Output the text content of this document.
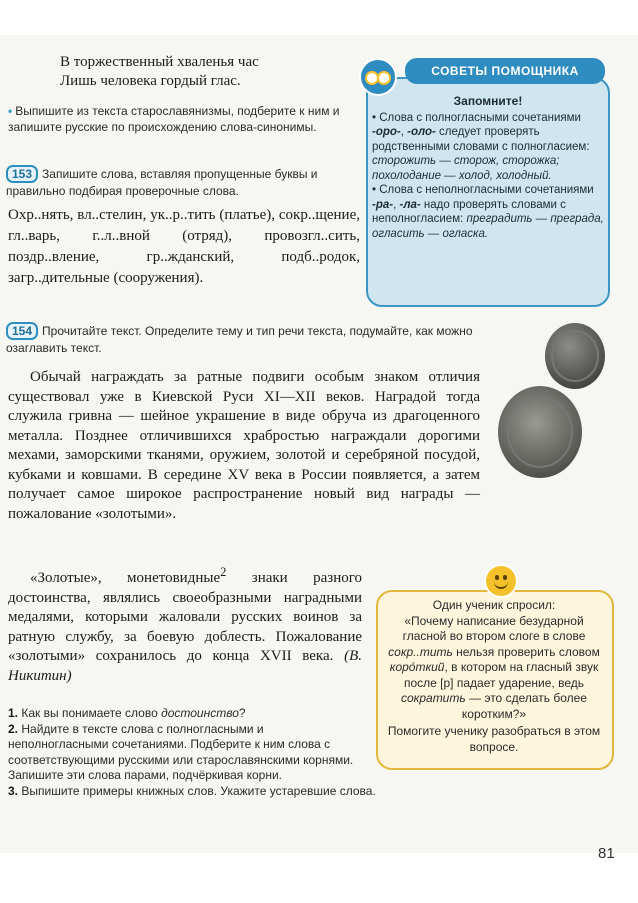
В торжественный хваленья час
Лишь человека гордый глас.
• Выпишите из текста старославянизмы, подберите к ним и запишите русские по происхождению слова-синонимы.
153 Запишите слова, вставляя пропущенные буквы и правильно подбирая проверочные слова.
Охр..нять, вл..стелин, ук..р..тить (платье), сокр..щение, гл..варь, г..л..вной (отряд), провозгл..сить, поздр..вление, гр..жданский, подб..родок, загр..дительные (сооружения).
154 Прочитайте текст. Определите тему и тип речи текста, подумайте, как можно озаглавить текст.
Обычай награждать за ратные подвиги особым знаком отличия существовал уже в Киевской Руси XI—XII веков. Наградой тогда служила гривна — шейное украшение в виде обруча из драгоценного металла. Позднее отличившихся храбростью награждали дорогими мехами, заморскими тканями, оружием, золотой и серебряной посудой, кубками и ковшами. В середине XV века в России появляется, а затем получает самое широкое распространение новый вид награды — пожалование «золотыми».
«Золотые», монетовидные$^2$ знаки разного достоинства, являлись своеобразными наградными медалями, которыми жаловали русских воинов за ратную службу, за боевую доблесть. Пожалование «золотыми» сохранилось до конца XVII века. (В. Никитин)

1. Как вы понимаете слово достоинство?

2. Найдите в тексте слова с полногласными и неполногласными сочетаниями. Подберите к ним слова с соответствующими русскими или старославянскими корнями. Запишите эти слова парами, подчёркивая корни.

3. Выпишите примеры книжных слов. Укажите устаревшие слова.

СОВЕТЫ ПОМОЩНИКА
Запомните!

• Слова с полногласными сочетаниями -оро-, -оло- следует проверять родственными словами с полногласием:

сторожить — сторож, сторожка; похолодание — холод, холодный.

• Слова с неполногласными сочетаниями -ра-, -ла- надо проверять словами с неполногласием: преградить — преграда, огласить — огласка.

Один ученик спросил:

«Почему написание безударной гласной во втором слоге в слове сокр..тить нельзя проверить словом коро́ткий, в котором на гласный звук после [р] падает ударение, ведь сократить — это сделать более коротким?»

Помогите ученику разобраться в этом вопросе.

81
